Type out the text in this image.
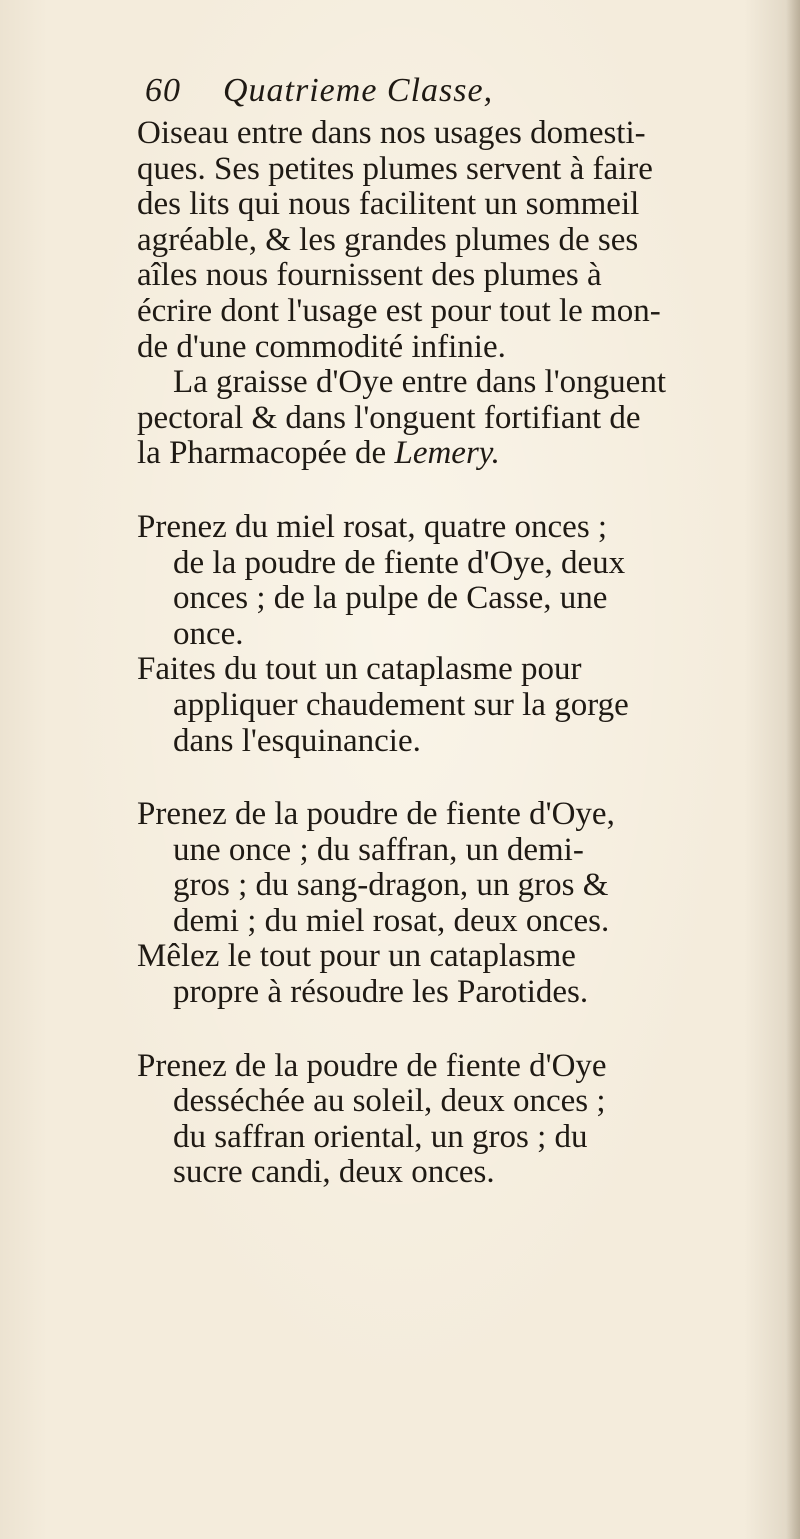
60 Quatrieme Classe,
Oiseau entre dans nos usages domesti-
ques. Ses petites plumes servent à faire
des lits qui nous facilitent un sommeil
agréable, & les grandes plumes de ses
aîles nous fournissent des plumes à
écrire dont l'usage est pour tout le mon-
de d'une commodité infinie.
La graisse d'Oye entre dans l'onguent
pectoral & dans l'onguent fortifiant de
la Pharmacopée de Lemery.
Prenez du miel rosat, quatre onces ;
de la poudre de fiente d'Oye, deux
onces ; de la pulpe de Casse, une
once.
Faites du tout un cataplasme pour
appliquer chaudement sur la gorge
dans l'esquinancie.
Prenez de la poudre de fiente d'Oye,
une once ; du saffran, un demi-
gros ; du sang-dragon, un gros &
demi ; du miel rosat, deux onces.
Mêlez le tout pour un cataplasme
propre à résoudre les Parotides.
Prenez de la poudre de fiente d'Oye
desséchée au soleil, deux onces ;
du saffran oriental, un gros ; du
sucre candi, deux onces.
